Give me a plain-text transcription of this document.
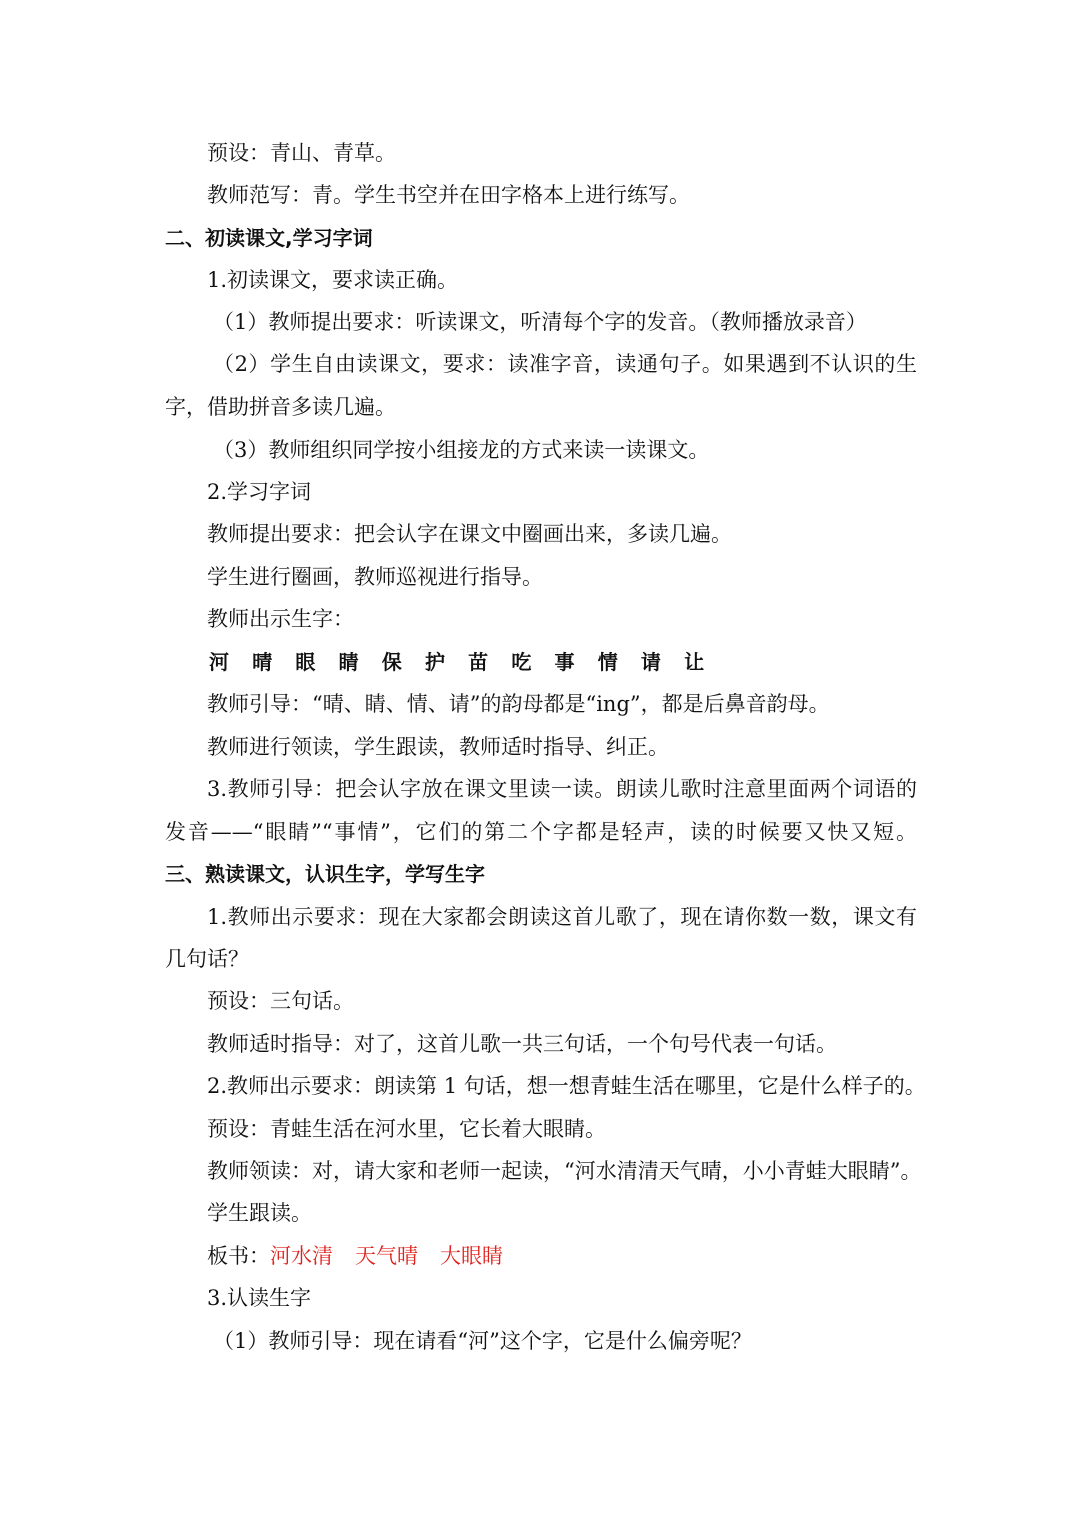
预设：青山、青草。
教师范写：青。学生书空并在田字格本上进行练写。
二、初读课文,学习字词
1.初读课文，要求读正确。
（1）教师提出要求：听读课文，听清每个字的发音。（教师播放录音）
（2）学生自由读课文，要求：读准字音，读通句子。如果遇到不认识的生
字，借助拼音多读几遍。
（3）教师组织同学按小组接龙的方式来读一读课文。
2.学习字词
教师提出要求：把会认字在课文中圈画出来，多读几遍。
学生进行圈画，教师巡视进行指导。
教师出示生字：
河	晴	眼	睛	保	护	苗	吃	事	情	请	让
教师引导：“晴、睛、情、请”的韵母都是“ing”，都是后鼻音韵母。
教师进行领读，学生跟读，教师适时指导、纠正。
3.教师引导：把会认字放在课文里读一读。朗读儿歌时注意里面两个词语的
发音——“眼睛”“事情”，它们的第二个字都是轻声，读的时候要又快又短。
三、熟读课文，认识生字，学写生字
1.教师出示要求：现在大家都会朗读这首儿歌了，现在请你数一数，课文有
几句话？
预设：三句话。
教师适时指导：对了，这首儿歌一共三句话，一个句号代表一句话。
2.教师出示要求：朗读第 1 句话，想一想青蛙生活在哪里，它是什么样子的。
预设：青蛙生活在河水里，它长着大眼睛。
教师领读：对，请大家和老师一起读，“河水清清天气晴，小小青蛙大眼睛”。
学生跟读。
板书：河水清 天气晴 大眼睛
3.认读生字
（1）教师引导：现在请看“河”这个字，它是什么偏旁呢？
